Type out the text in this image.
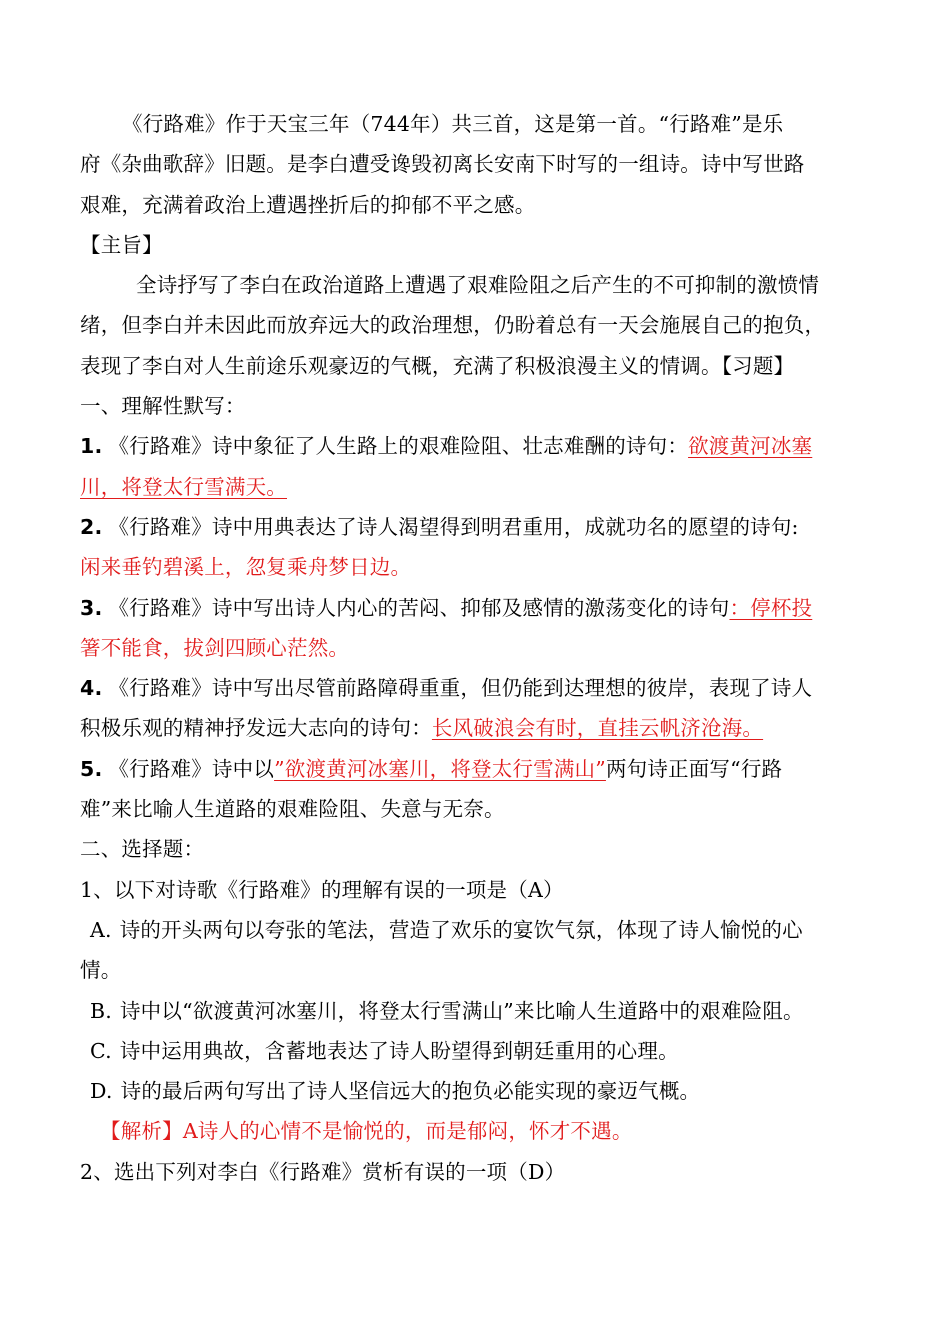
《行路难》作于天宝三年（744年）共三首，这是第一首。“行路难”是乐
府《杂曲歌辞》旧题。是李白遭受谗毁初离长安南下时写的一组诗。诗中写世路
艰难，充满着政治上遭遇挫折后的抑郁不平之感。
【主旨】
全诗抒写了李白在政治道路上遭遇了艰难险阻之后产生的不可抑制的激愤情
绪，但李白并未因此而放弃远大的政治理想，仍盼着总有一天会施展自己的抱负，
表现了李白对人生前途乐观豪迈的气概，充满了积极浪漫主义的情调。【习题】
一、理解性默写：
1. 《行路难》诗中象征了人生路上的艰难险阻、壮志难酬的诗句：欲渡黄河冰塞
川，将登太行雪满天。
2. 《行路难》诗中用典表达了诗人渴望得到明君重用，成就功名的愿望的诗句:
闲来垂钓碧溪上，忽复乘舟梦日边。
3. 《行路难》诗中写出诗人内心的苦闷、抑郁及感情的激荡变化的诗句：停杯投
箸不能食，拔剑四顾心茫然。
4. 《行路难》诗中写出尽管前路障碍重重，但仍能到达理想的彼岸，表现了诗人
积极乐观的精神抒发远大志向的诗句：长风破浪会有时，直挂云帆济沧海。
5. 《行路难》诗中以”欲渡黄河冰塞川，将登太行雪满山”两句诗正面写“行路
难”来比喻人生道路的艰难险阻、失意与无奈。
二、选择题：
1、以下对诗歌《行路难》的理解有误的一项是（A）
A. 诗的开头两句以夸张的笔法，营造了欢乐的宴饮气氛，体现了诗人愉悦的心
情。
B. 诗中以“欲渡黄河冰塞川，将登太行雪满山”来比喻人生道路中的艰难险阻。
C. 诗中运用典故，含蓄地表达了诗人盼望得到朝廷重用的心理。
D. 诗的最后两句写出了诗人坚信远大的抱负必能实现的豪迈气概。
【解析】A诗人的心情不是愉悦的，而是郁闷，怀才不遇。
2、选出下列对李白《行路难》赏析有误的一项（D）
